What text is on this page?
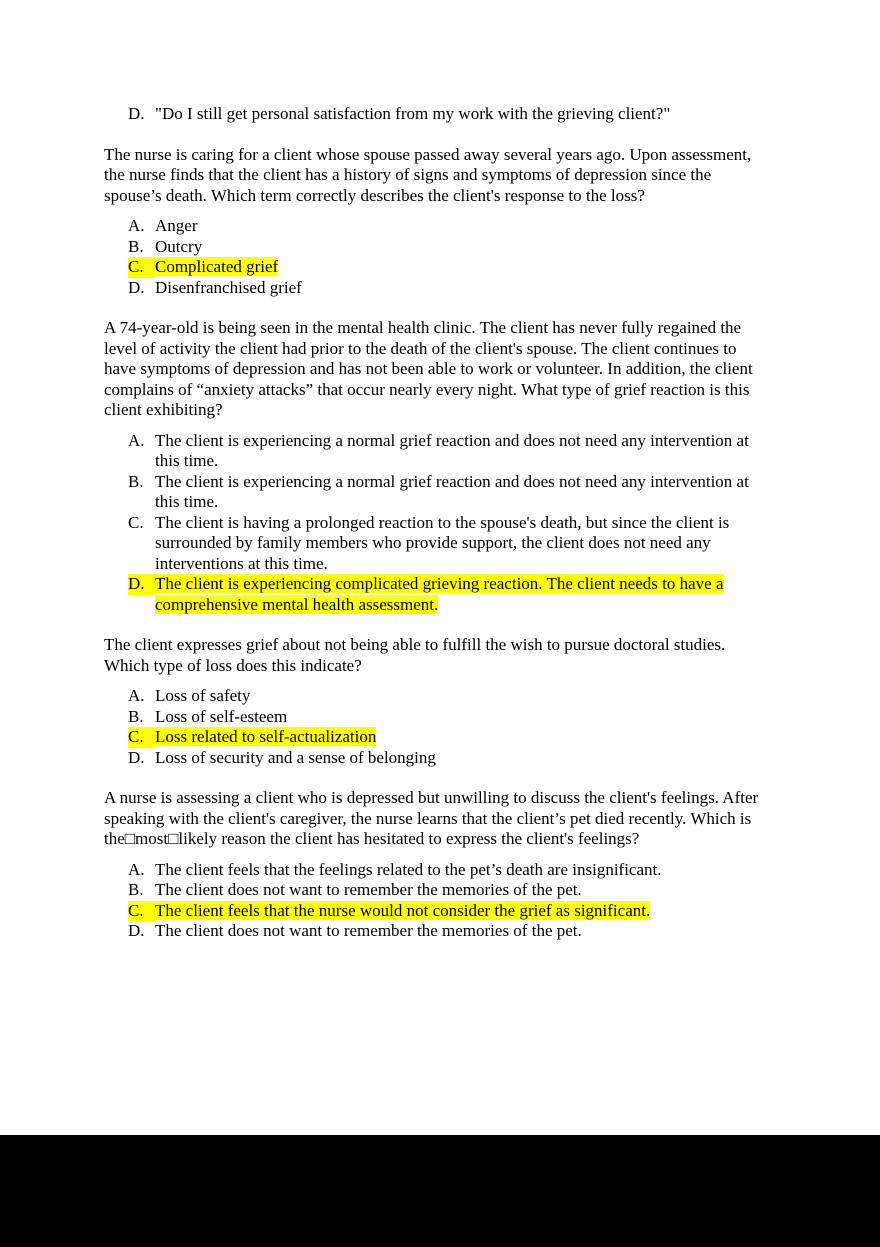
D. "Do I still get personal satisfaction from my work with the grieving client?"

The nurse is caring for a client whose spouse passed away several years ago. Upon assessment, the nurse finds that the client has a history of signs and symptoms of depression since the spouse’s death. Which term correctly describes the client's response to the loss?

A. Anger
B. Outcry
C. Complicated grief
D. Disenfranchised grief

A 74-year-old is being seen in the mental health clinic. The client has never fully regained the level of activity the client had prior to the death of the client's spouse. The client continues to have symptoms of depression and has not been able to work or volunteer. In addition, the client complains of “anxiety attacks” that occur nearly every night. What type of grief reaction is this client exhibiting?

A. The client is experiencing a normal grief reaction and does not need any intervention at this time.
B. The client is experiencing a normal grief reaction and does not need any intervention at this time.
C. The client is having a prolonged reaction to the spouse's death, but since the client is surrounded by family members who provide support, the client does not need any interventions at this time.
D. The client is experiencing complicated grieving reaction. The client needs to have a comprehensive mental health assessment.

The client expresses grief about not being able to fulfill the wish to pursue doctoral studies. Which type of loss does this indicate?

A. Loss of safety
B. Loss of self-esteem
C. Loss related to self-actualization
D. Loss of security and a sense of belonging

A nurse is assessing a client who is depressed but unwilling to discuss the client's feelings. After speaking with the client's caregiver, the nurse learns that the client’s pet died recently. Which is the□most□likely reason the client has hesitated to express the client's feelings?

A. The client feels that the feelings related to the pet’s death are insignificant.
B. The client does not want to remember the memories of the pet.
C. The client feels that the nurse would not consider the grief as significant.
D. The client does not want to remember the memories of the pet.
